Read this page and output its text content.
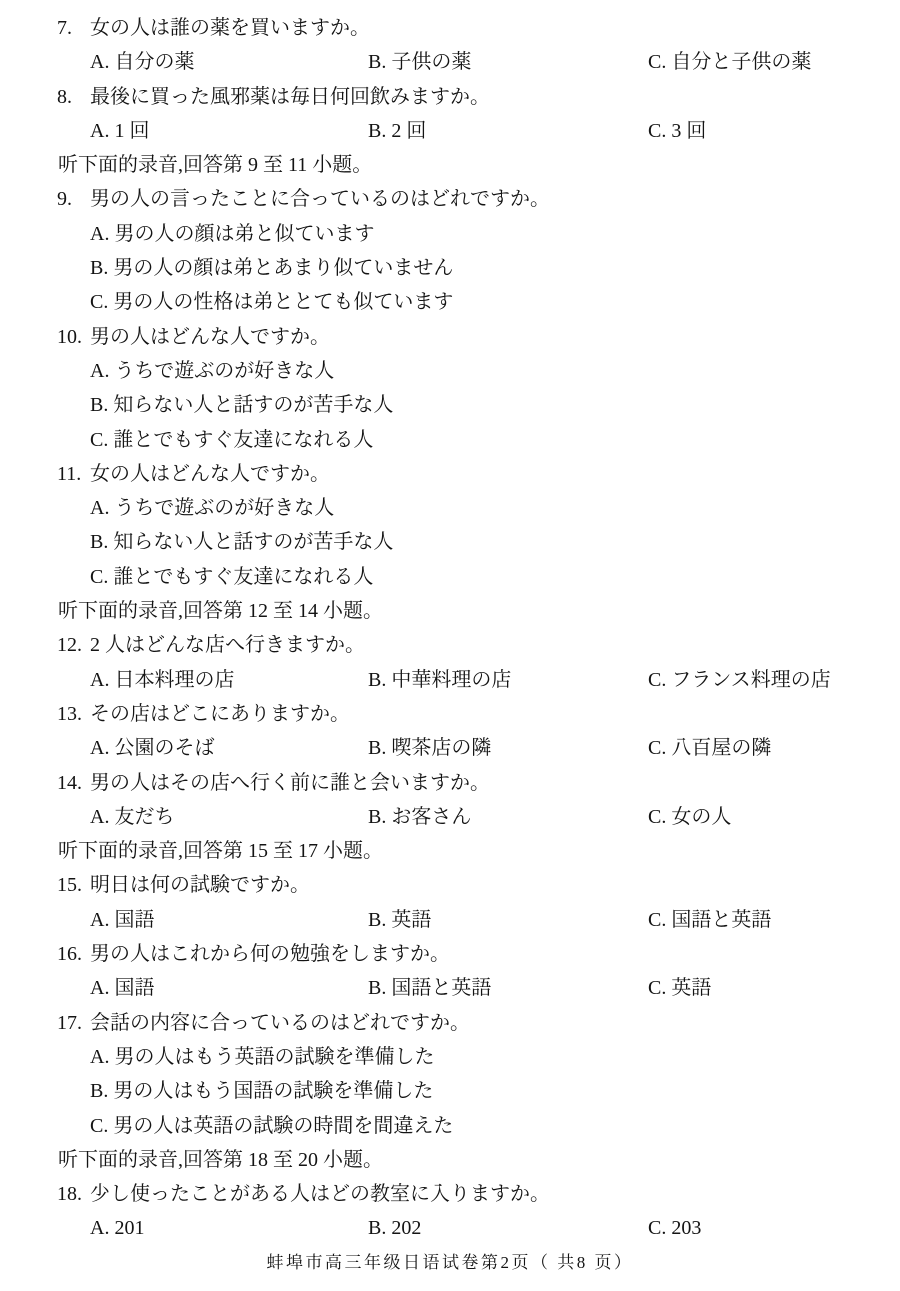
7. 女の人は誰の薬を買いますか。
A. 自分の薬	B. 子供の薬	C. 自分と子供の薬
8. 最後に買った風邪薬は毎日何回飲みますか。
A. 1 回	B. 2 回	C. 3 回
听下面的录音,回答第 9 至 11 小题。
9. 男の人の言ったことに合っているのはどれですか。
A. 男の人の顔は弟と似ています
B. 男の人の顔は弟とあまり似ていません
C. 男の人の性格は弟ととても似ています
10. 男の人はどんな人ですか。
A. うちで遊ぶのが好きな人
B. 知らない人と話すのが苦手な人
C. 誰とでもすぐ友達になれる人
11. 女の人はどんな人ですか。
A. うちで遊ぶのが好きな人
B. 知らない人と話すのが苦手な人
C. 誰とでもすぐ友達になれる人
听下面的录音,回答第 12 至 14 小题。
12. 2 人はどんな店へ行きますか。
A. 日本料理の店	B. 中華料理の店	C. フランス料理の店
13. その店はどこにありますか。
A. 公園のそば	B. 喫茶店の隣	C. 八百屋の隣
14. 男の人はその店へ行く前に誰と会いますか。
A. 友だち	B. お客さん	C. 女の人
听下面的录音,回答第 15 至 17 小题。
15. 明日は何の試験ですか。
A. 国語	B. 英語	C. 国語と英語
16. 男の人はこれから何の勉強をしますか。
A. 国語	B. 国語と英語	C. 英語
17. 会話の内容に合っているのはどれですか。
A. 男の人はもう英語の試験を準備した
B. 男の人はもう国語の試験を準備した
C. 男の人は英語の試験の時間を間違えた
听下面的录音,回答第 18 至 20 小题。
18. 少し使ったことがある人はどの教室に入りますか。
A. 201	B. 202	C. 203
蚌埠市高三年级日语试卷第2页（ 共8 页）
